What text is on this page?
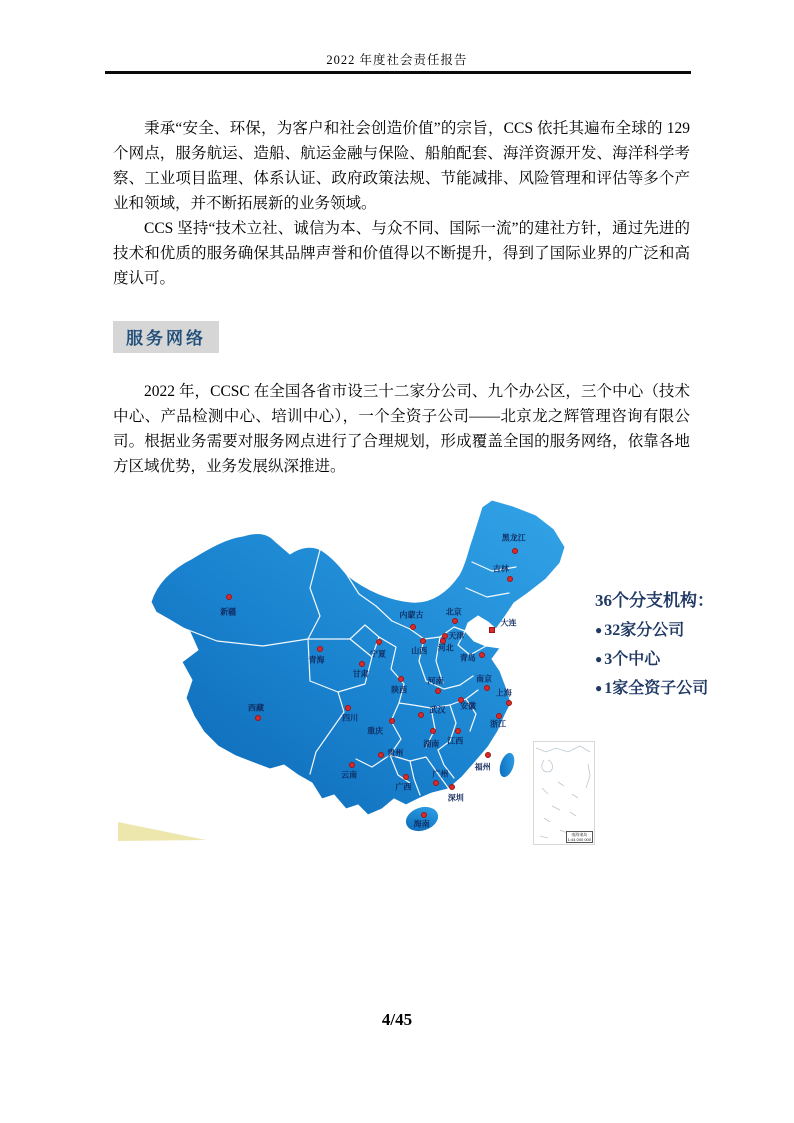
2022 年度社会责任报告

秉承“安全、环保，为客户和社会创造价值”的宗旨，CCS 依托其遍布全球的 129 个网点，服务航运、造船、航运金融与保险、船舶配套、海洋资源开发、海洋科学考察、工业项目监理、体系认证、政府政策法规、节能减排、风险管理和评估等多个产业和领域，并不断拓展新的业务领域。

CCS 坚持“技术立社、诚信为本、与众不同、国际一流”的建社方针，通过先进的技术和优质的服务确保其品牌声誉和价值得以不断提升，得到了国际业界的广泛和高度认可。

服务网络

2022 年，CCSC 在全国各省市设三十二家分公司、九个办公区，三个中心（技术中心、产品检测中心、培训中心），一个全资子公司——北京龙之辉管理咨询有限公司。根据业务需要对服务网点进行了合理规划，形成覆盖全国的服务网络，依靠各地方区域优势，业务发展纵深推进。

南海诸岛
1:44 000 000
新疆
黑龙江
吉林
内蒙古	北京
大连
天津
河北
山西
青岛
青海
宁夏
甘肃
陕西
河南	南京
上海
西藏
四川
武汉 安徽
重庆
浙江
湖南 江西
贵州
云南
福州
广西
广州
深圳
海南
36个分支机构：
● 32家分公司
● 3个中心
● 1家全资子公司
4/45
